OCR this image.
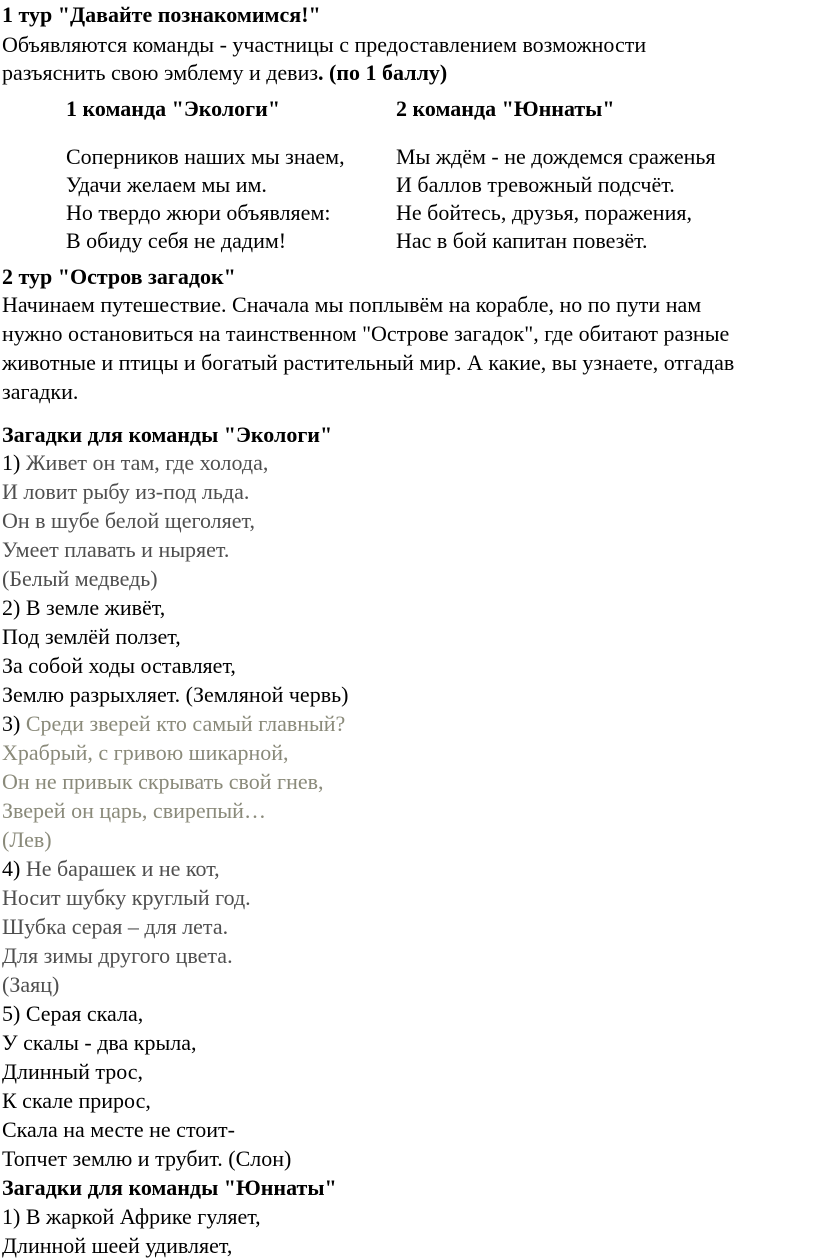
1 тур "Давайте познакомимся!"
Объявляются команды - участницы с предоставлением возможности
разъяснить свою эмблему и девиз. (по 1 баллу)
1 команда "Экологи"	2 команда "Юннаты"
Соперников наших мы знаем,
Удачи желаем мы им.
Но твердо жюри объявляем:
В обиду себя не дадим!
Мы ждём - не дождемся сраженья
И баллов тревожный подсчёт.
Не бойтесь, друзья, поражения,
Нас в бой капитан повезёт.
2 тур "Остров загадок"
Начинаем путешествие. Сначала мы поплывём на корабле, но по пути нам
нужно остановиться на таинственном "Острове загадок", где обитают разные
животные и птицы и богатый растительный мир. А какие, вы узнаете, отгадав
загадки.
Загадки для команды "Экологи"
1) Живет он там, где холода,
И ловит рыбу из-под льда.
Он в шубе белой щеголяет,
Умеет плавать и ныряет.
(Белый медведь)
2) В земле живёт,
Под землёй ползет,
За собой ходы оставляет,
Землю разрыхляет. (Земляной червь)
3) Среди зверей кто самый главный?
Храбрый, с гривою шикарной,
Он не привык скрывать свой гнев,
Зверей он царь, свирепый…
(Лев)
4) Не барашек и не кот,
Носит шубку круглый год.
Шубка серая – для лета.
Для зимы другого цвета.
(Заяц)
5) Серая скала,
У скалы - два крыла,
Длинный трос,
К скале прирос,
Скала на месте не стоит-
Топчет землю и трубит. (Слон)
Загадки для команды "Юннаты"
1) В жаркой Африке гуляет,
Длинной шеей удивляет,
